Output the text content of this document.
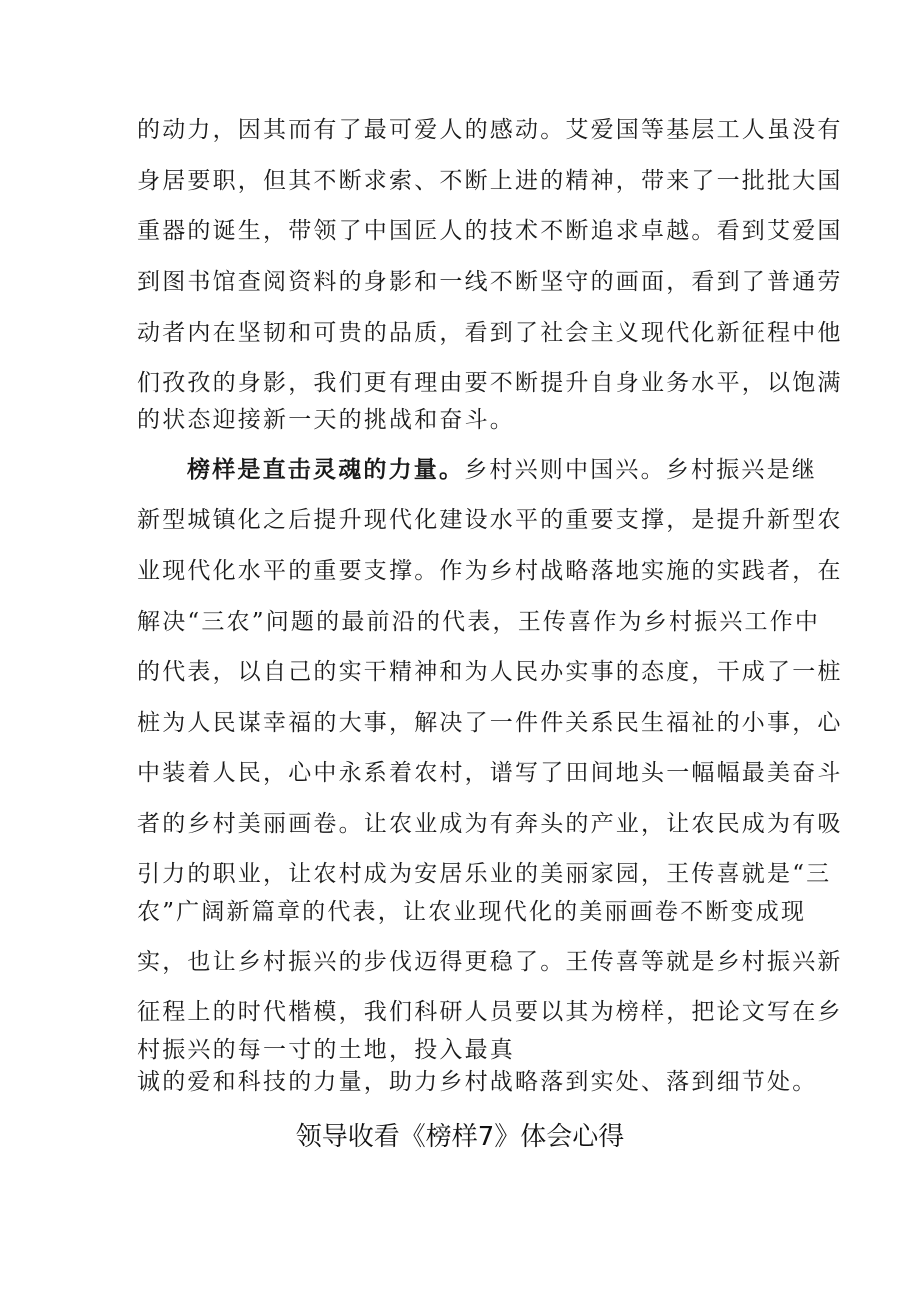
的动力，因其而有了最可爱人的感动。艾爱国等基层工人虽没有
身居要职，但其不断求索、不断上进的精神，带来了一批批大国
重器的诞生，带领了中国匠人的技术不断追求卓越。看到艾爱国
到图书馆查阅资料的身影和一线不断坚守的画面，看到了普通劳
动者内在坚韧和可贵的品质，看到了社会主义现代化新征程中他
们孜孜的身影，我们更有理由要不断提升自身业务水平，以饱满
的状态迎接新一天的挑战和奋斗。
榜样是直击灵魂的力量。乡村兴则中国兴。乡村振兴是继
新型城镇化之后提升现代化建设水平的重要支撑，是提升新型农
业现代化水平的重要支撑。作为乡村战略落地实施的实践者，在
解决“三农”问题的最前沿的代表，王传喜作为乡村振兴工作中
的代表，以自己的实干精神和为人民办实事的态度，干成了一桩
桩为人民谋幸福的大事，解决了一件件关系民生福祉的小事，心
中装着人民，心中永系着农村，谱写了田间地头一幅幅最美奋斗
者的乡村美丽画卷。让农业成为有奔头的产业，让农民成为有吸
引力的职业，让农村成为安居乐业的美丽家园，王传喜就是“三
农”广阔新篇章的代表，让农业现代化的美丽画卷不断变成现
实，也让乡村振兴的步伐迈得更稳了。王传喜等就是乡村振兴新
征程上的时代楷模，我们科研人员要以其为榜样，把论文写在乡
村振兴的每一寸的土地，投入最真
诚的爱和科技的力量，助力乡村战略落到实处、落到细节处。
领导收看《榜样7》体会心得
